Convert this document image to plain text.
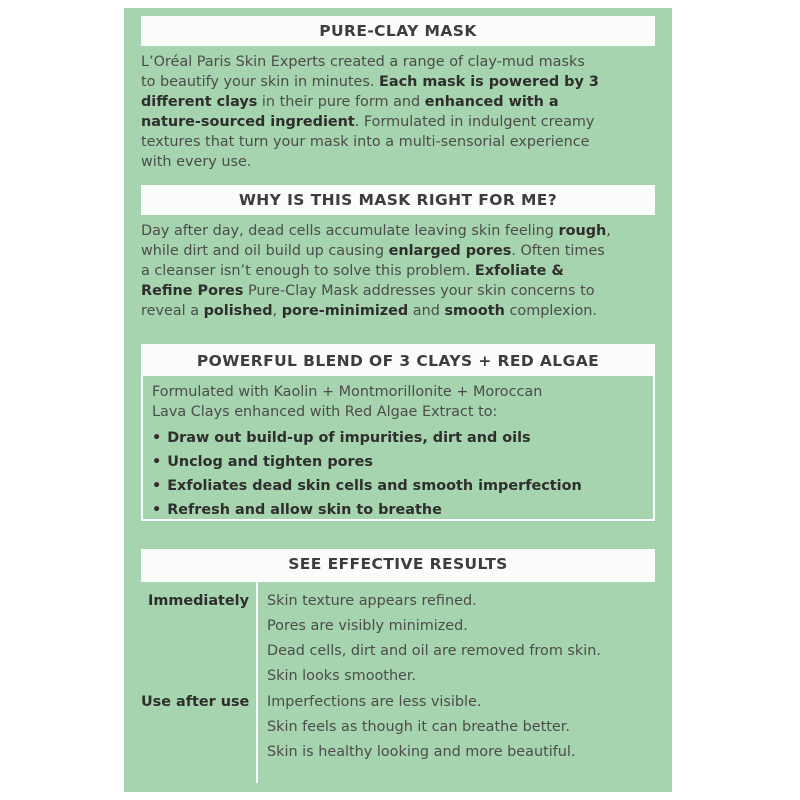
PURE-CLAY MASK
L’Oréal Paris Skin Experts created a range of clay-mud masks
to beautify your skin in minutes. Each mask is powered by 3
different clays in their pure form and enhanced with a
nature-sourced ingredient. Formulated in indulgent creamy
textures that turn your mask into a multi-sensorial experience
with every use.
WHY IS THIS MASK RIGHT FOR ME?
Day after day, dead cells accumulate leaving skin feeling rough,
while dirt and oil build up causing enlarged pores. Often times
a cleanser isn’t enough to solve this problem. Exfoliate &
Refine Pores Pure-Clay Mask addresses your skin concerns to
reveal a polished, pore-minimized and smooth complexion.
POWERFUL BLEND OF 3 CLAYS + RED ALGAE
Formulated with Kaolin + Montmorillonite + Moroccan
Lava Clays enhanced with Red Algae Extract to:
• Draw out build-up of impurities, dirt and oils
• Unclog and tighten pores
• Exfoliates dead skin cells and smooth imperfection
• Refresh and allow skin to breathe
SEE EFFECTIVE RESULTS
Immediately Skin texture appears refined.
Pores are visibly minimized.
Dead cells, dirt and oil are removed from skin.
Skin looks smoother.
Use after use Imperfections are less visible.
Skin feels as though it can breathe better.
Skin is healthy looking and more beautiful.
